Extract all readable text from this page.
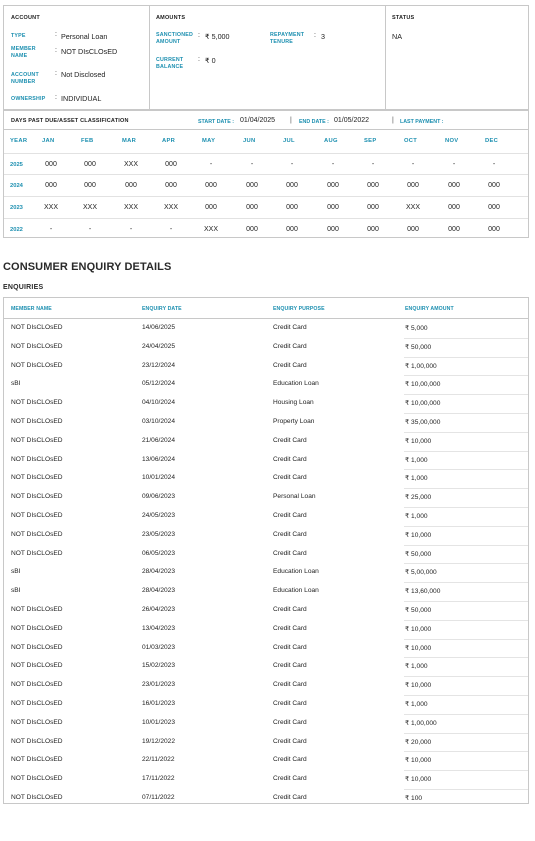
ACCOUNT
TYPE	: Personal Loan
MEMBER
NAME
: NOT DIsCLOsED
ACCOUNT
NUMBER
: Not Disclosed
OWNERSHIP : INDIVIDUAL
AMOUNTS
SANCTIONED
AMOUNT
: ₹ 5,000
CURRENT
BALANCE
: ₹ 0
REPAYMENT
TENURE
: 3
STATUS
NA
DAYS PAST DUE/ASSET CLASSIFICATION	START DATE : 01/04/2025 | END DATE : 01/05/2022	| LAST PAYMENT :
YEAR	JAN	FEB	MAR	APR	MAY	JUN	JUL	AUG	SEP	OCT	NOV	DEC
2025	000	000	XXX	000	-	-	-	-	-	-	-	-
2024	000	000	000	000	000	000	000	000	000	000	000	000
2023	XXX	XXX	XXX	XXX	000	000	000	000	000	XXX	000	000
2022	-	-	-	-	XXX	000	000	000	000	000	000	000
CONSUMER ENQUIRY DETAILS
ENQUIRIES
MEMBER NAME	ENQUIRY DATE	ENQUIRY PURPOSE	ENQUIRY AMOUNT
NOT DIsCLOsED	14/06/2025	Credit Card	₹ 5,000
NOT DIsCLOsED	24/04/2025	Credit Card	₹ 50,000
NOT DIsCLOsED	23/12/2024	Credit Card	₹ 1,00,000
sBI	05/12/2024	Education Loan	₹ 10,00,000
NOT DIsCLOsED	04/10/2024	Housing Loan	₹ 10,00,000
NOT DIsCLOsED	03/10/2024	Property Loan	₹ 35,00,000
NOT DIsCLOsED	21/06/2024	Credit Card	₹ 10,000
NOT DIsCLOsED	13/06/2024	Credit Card	₹ 1,000
NOT DIsCLOsED	10/01/2024	Credit Card	₹ 1,000
NOT DIsCLOsED	09/06/2023	Personal Loan	₹ 25,000
NOT DIsCLOsED	24/05/2023	Credit Card	₹ 1,000
NOT DIsCLOsED	23/05/2023	Credit Card	₹ 10,000
NOT DIsCLOsED	06/05/2023	Credit Card	₹ 50,000
sBI	28/04/2023	Education Loan	₹ 5,00,000
sBI	28/04/2023	Education Loan	₹ 13,60,000
NOT DIsCLOsED	26/04/2023	Credit Card	₹ 50,000
NOT DIsCLOsED	13/04/2023	Credit Card	₹ 10,000
NOT DIsCLOsED	01/03/2023	Credit Card	₹ 10,000
NOT DIsCLOsED	15/02/2023	Credit Card	₹ 1,000
NOT DIsCLOsED	23/01/2023	Credit Card	₹ 10,000
NOT DIsCLOsED	16/01/2023	Credit Card	₹ 1,000
NOT DIsCLOsED	10/01/2023	Credit Card	₹ 1,00,000
NOT DIsCLOsED	19/12/2022	Credit Card	₹ 20,000
NOT DIsCLOsED	22/11/2022	Credit Card	₹ 10,000
NOT DIsCLOsED	17/11/2022	Credit Card	₹ 10,000
NOT DIsCLOsED	07/11/2022	Credit Card	₹ 100
